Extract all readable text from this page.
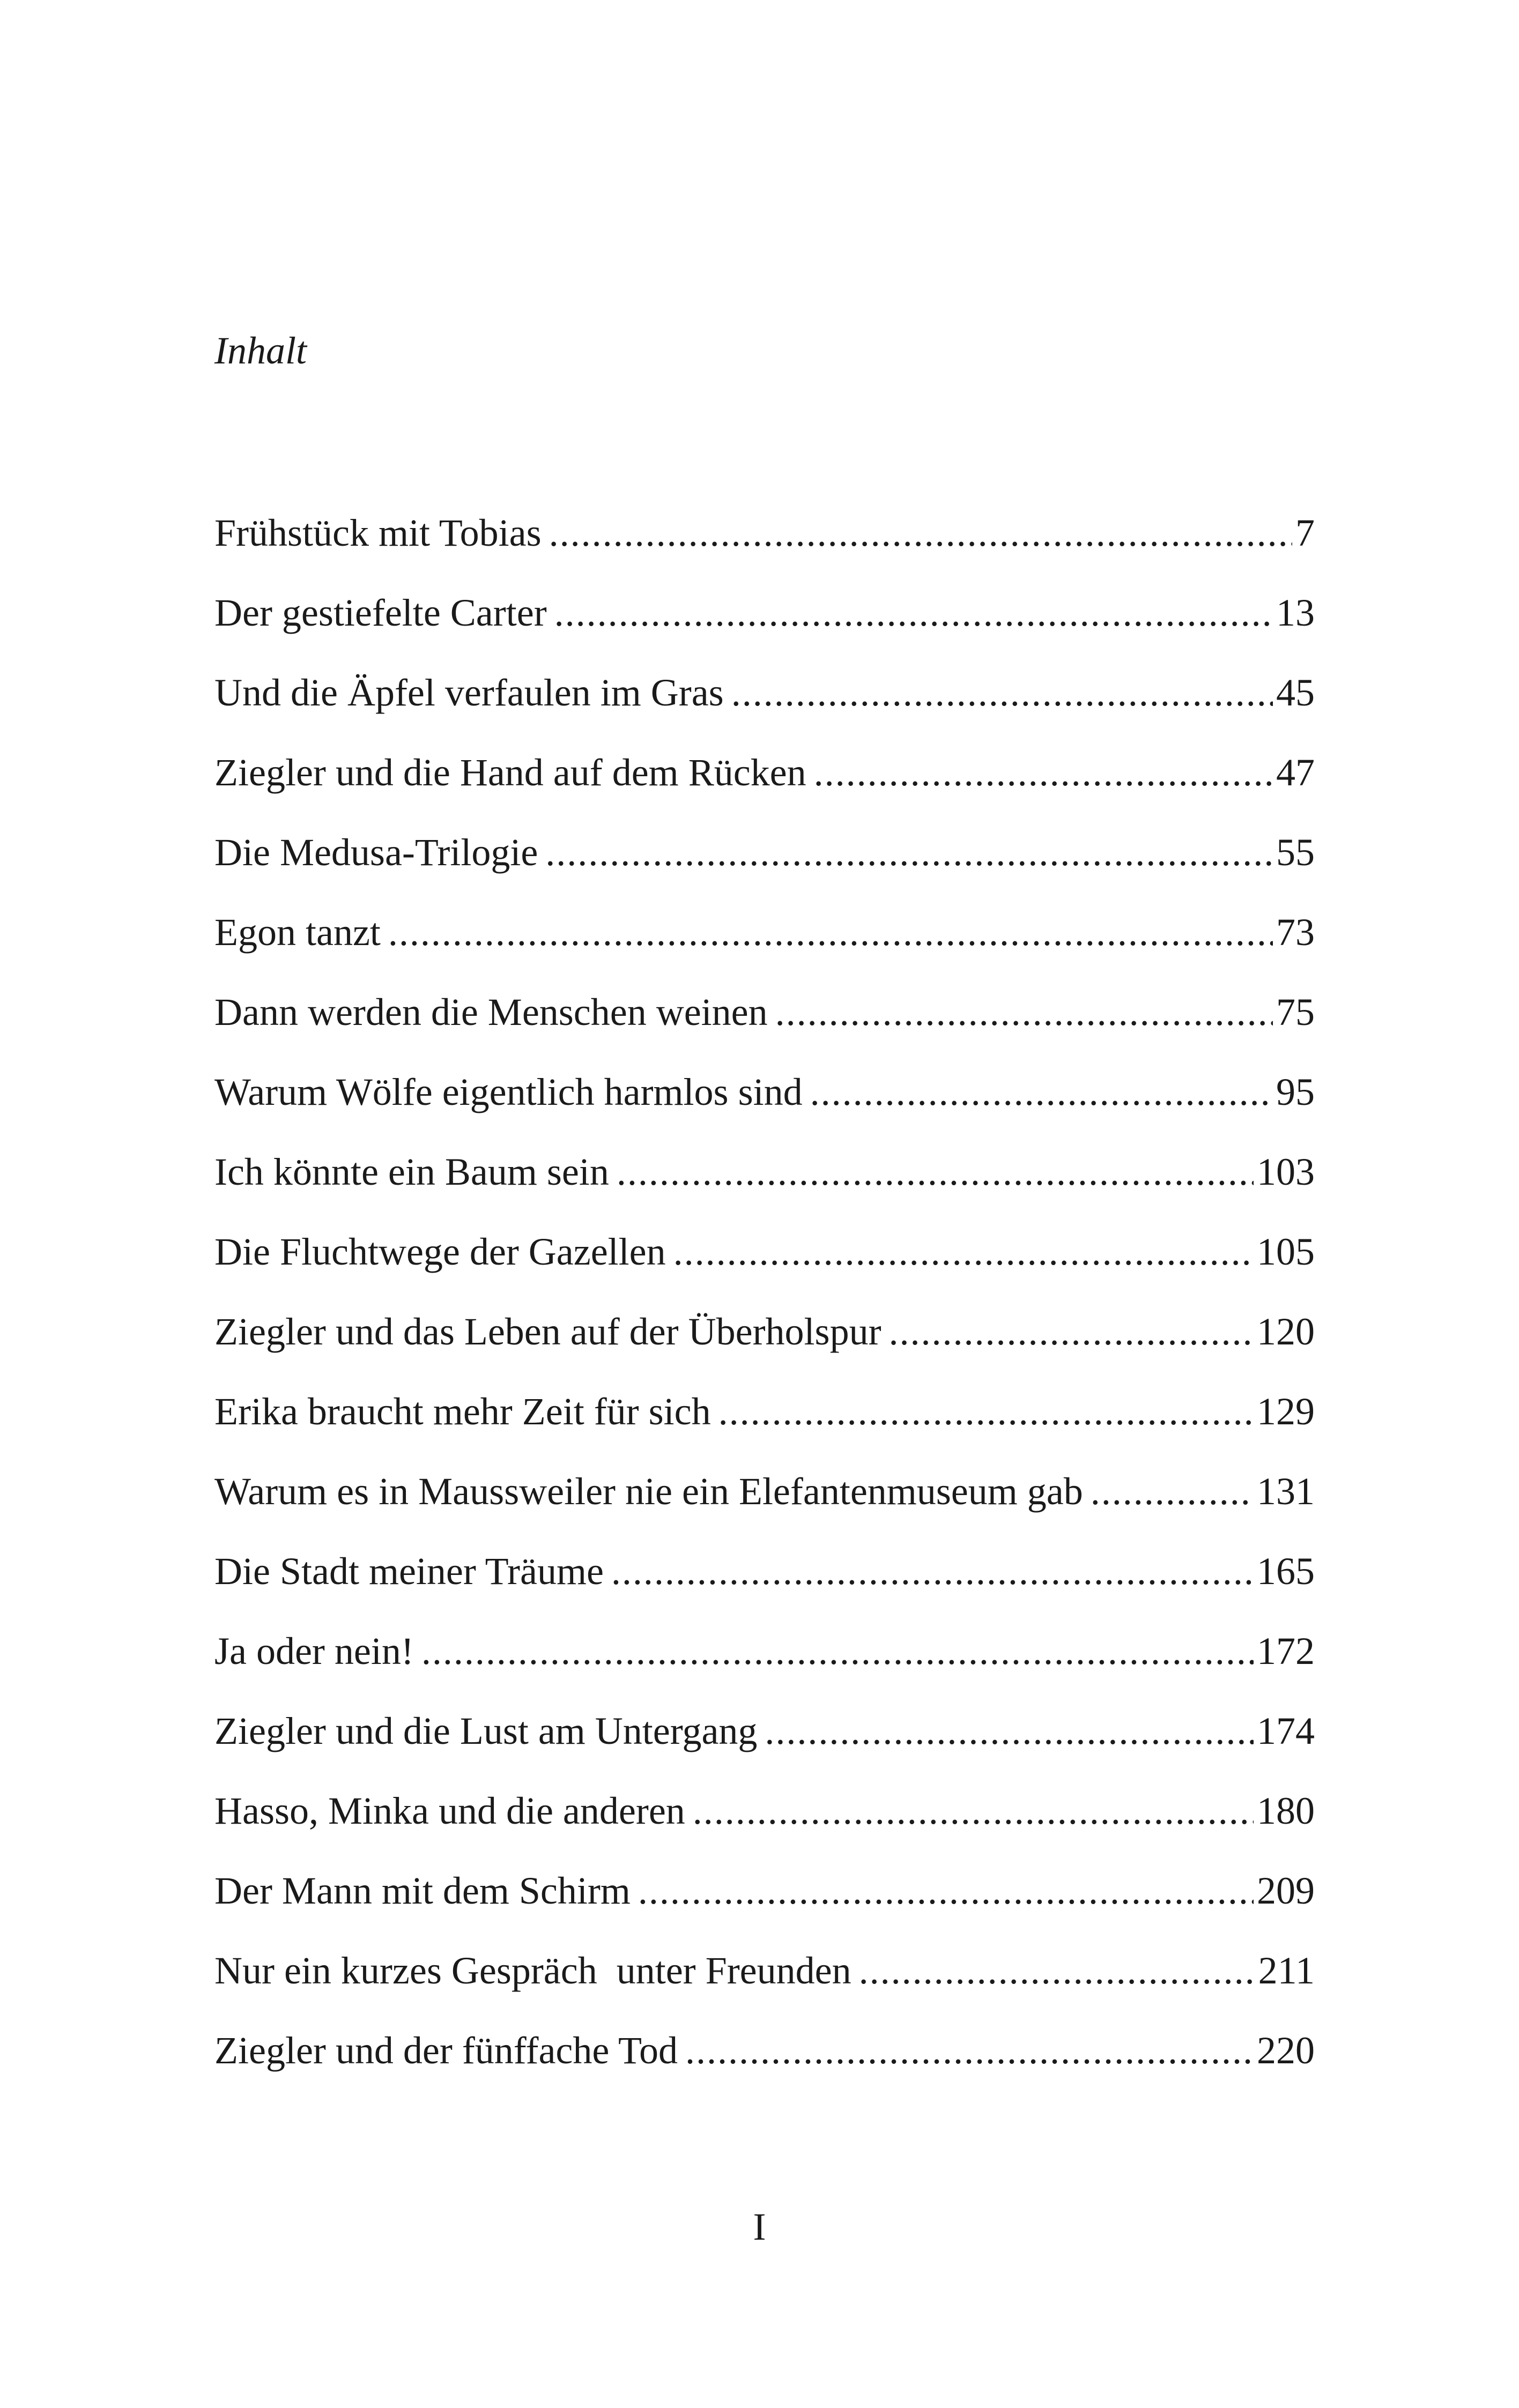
Inhalt
Frühstück mit Tobias .....	7
Der gestiefelte Carter .....	13
Und die Äpfel verfaulen im Gras .....	45
Ziegler und die Hand auf dem Rücken .....	47
Die Medusa-Trilogie .....	55
Egon tanzt .....	73
Dann werden die Menschen weinen .....	75
Warum Wölfe eigentlich harmlos sind .....	95
Ich könnte ein Baum sein .....	103
Die Fluchtwege der Gazellen .....	105
Ziegler und das Leben auf der Überholspur .....	120
Erika braucht mehr Zeit für sich .....	129
Warum es in Maussweiler nie ein Elefantenmuseum gab .....	131
Die Stadt meiner Träume .....	165
Ja oder nein! .....	172
Ziegler und die Lust am Untergang .....	174
Hasso, Minka und die anderen .....	180
Der Mann mit dem Schirm .....	209
Nur ein kurzes Gespräch  unter Freunden .....	211
Ziegler und der fünffache Tod .....	220
I
